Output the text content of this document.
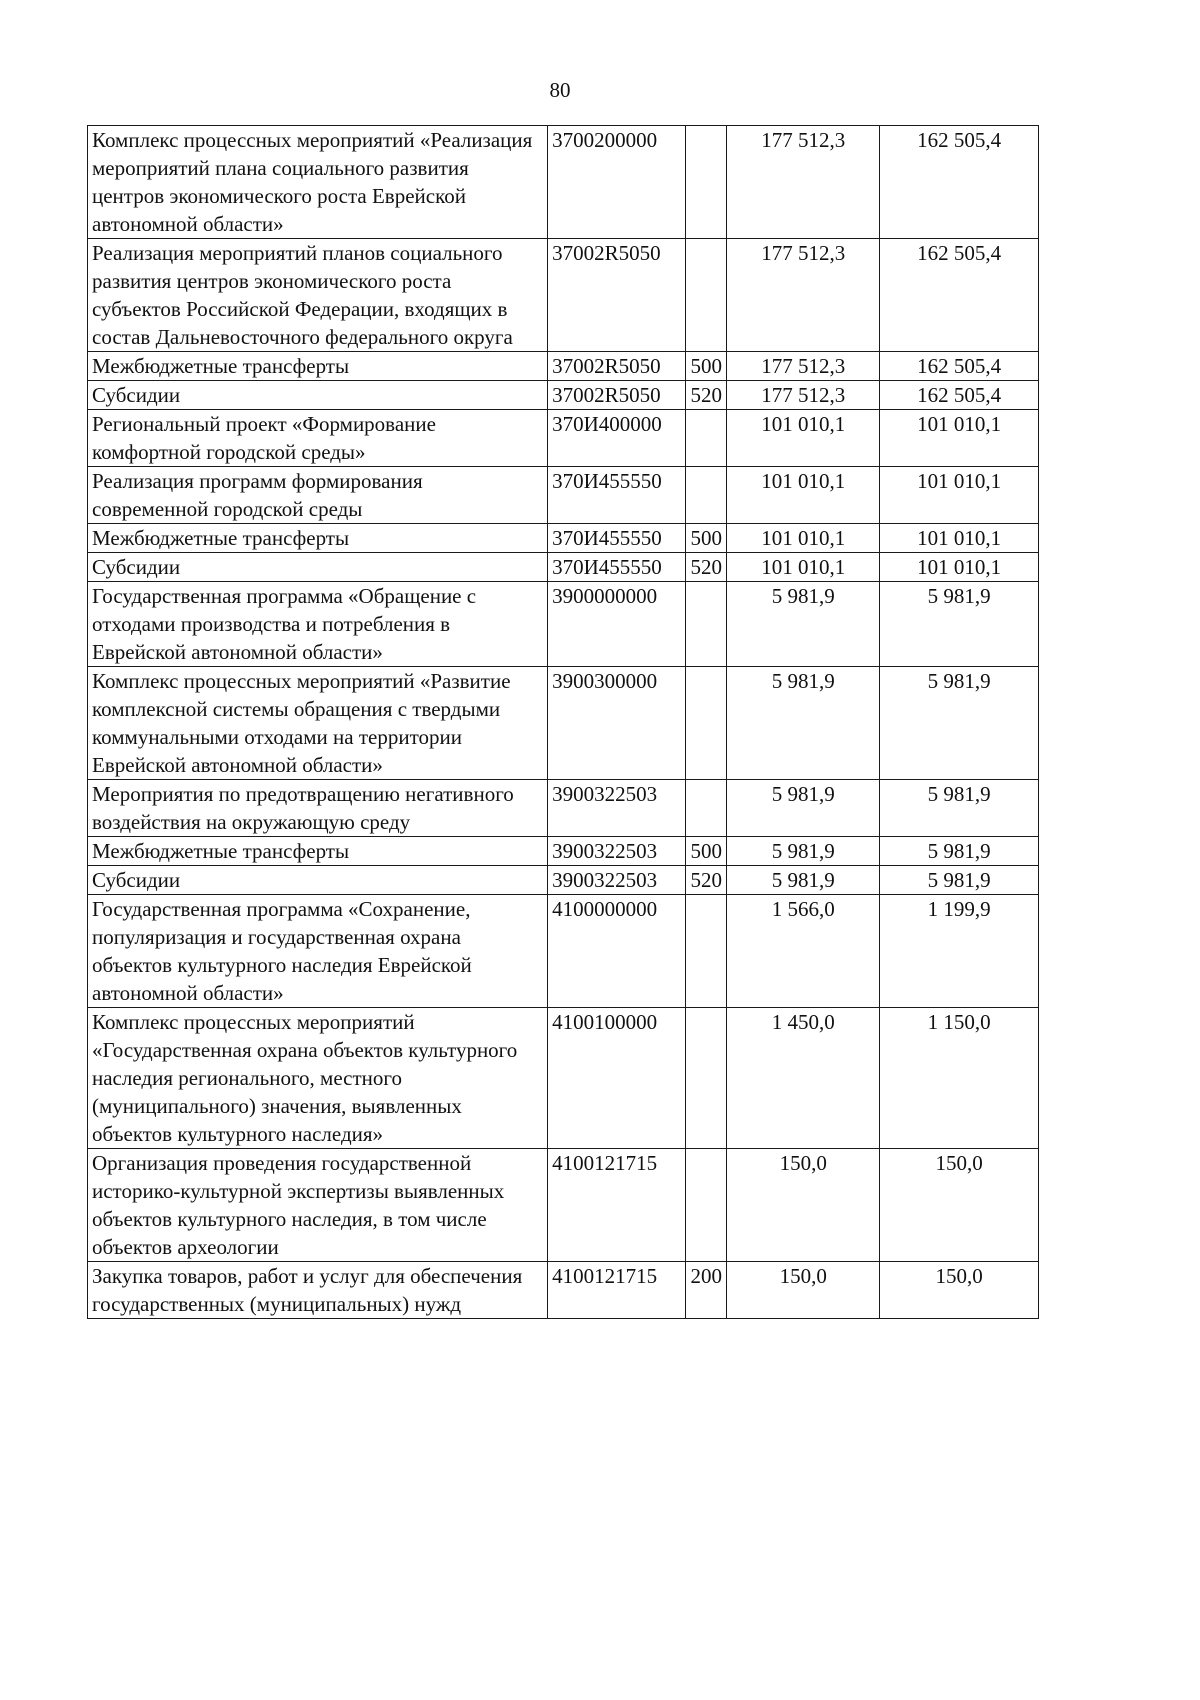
80
Комплекс процессных мероприятий «Реализация мероприятий плана социального развития центров экономического роста Еврейской автономной области»	3700200000		177 512,3	162 505,4
Реализация мероприятий планов социального развития центров экономического роста субъектов Российской Федерации, входящих в состав Дальневосточного федерального округа	37002R5050		177 512,3	162 505,4
Межбюджетные трансферты	37002R5050	500	177 512,3	162 505,4
Субсидии	37002R5050	520	177 512,3	162 505,4
Региональный проект «Формирование комфортной городской среды»	370И400000		101 010,1	101 010,1
Реализация программ формирования современной городской среды	370И455550		101 010,1	101 010,1
Межбюджетные трансферты	370И455550	500	101 010,1	101 010,1
Субсидии	370И455550	520	101 010,1	101 010,1
Государственная программа «Обращение с отходами производства и потребления в Еврейской автономной области»	3900000000		5 981,9	5 981,9
Комплекс процессных мероприятий «Развитие комплексной системы обращения с твердыми коммунальными отходами на территории Еврейской автономной области»	3900300000		5 981,9	5 981,9
Мероприятия по предотвращению негативного воздействия на окружающую среду	3900322503		5 981,9	5 981,9
Межбюджетные трансферты	3900322503	500	5 981,9	5 981,9
Субсидии	3900322503	520	5 981,9	5 981,9
Государственная программа «Сохранение, популяризация и государственная охрана объектов культурного наследия Еврейской автономной области»	4100000000		1 566,0	1 199,9
Комплекс процессных мероприятий «Государственная охрана объектов культурного наследия регионального, местного (муниципального) значения, выявленных объектов культурного наследия»	4100100000		1 450,0	1 150,0
Организация проведения государственной историко-культурной экспертизы выявленных объектов культурного наследия, в том числе объектов археологии	4100121715		150,0	150,0
Закупка товаров, работ и услуг для обеспечения государственных (муниципальных) нужд	4100121715	200	150,0	150,0
